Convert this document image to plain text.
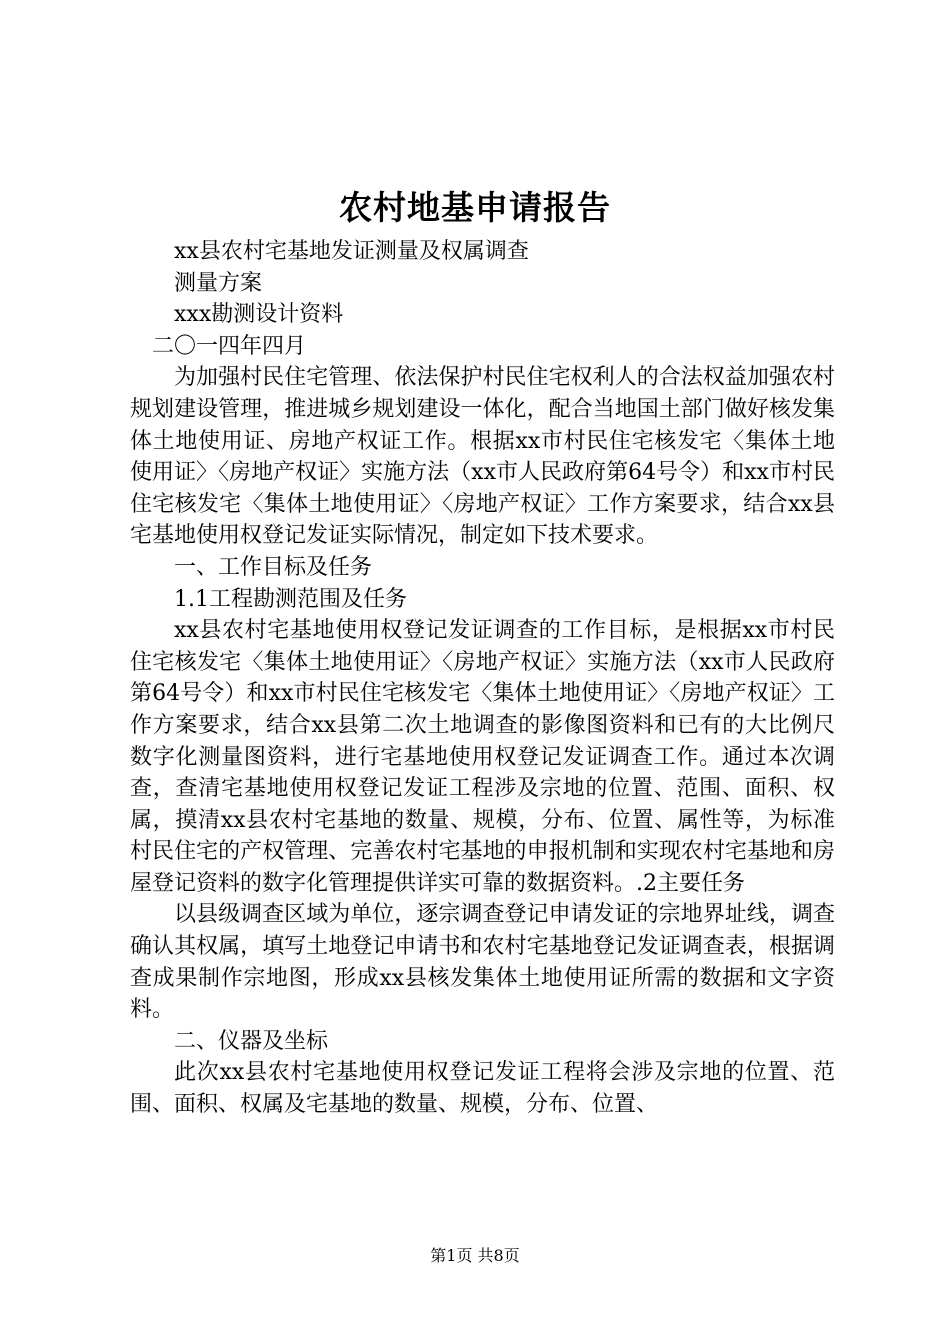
农村地基申请报告

xx县农村宅基地发证测量及权属调查

测量方案

xxx勘测设计资料

二〇一四年四月

为加强村民住宅管理、依法保护村民住宅权利人的合法权益加强农村规划建设管理，推进城乡规划建设一体化，配合当地国土部门做好核发集体土地使用证、房地产权证工作。根据xx市村民住宅核发宅〈集体土地使用证〉〈房地产权证〉实施方法（xx市人民政府第64号令）和xx市村民住宅核发宅〈集体土地使用证〉〈房地产权证〉工作方案要求，结合xx县宅基地使用权登记发证实际情况，制定如下技术要求。

一、工作目标及任务

1.1工程勘测范围及任务

xx县农村宅基地使用权登记发证调查的工作目标，是根据xx市村民住宅核发宅〈集体土地使用证〉〈房地产权证〉实施方法（xx市人民政府第64号令）和xx市村民住宅核发宅〈集体土地使用证〉〈房地产权证〉工作方案要求，结合xx县第二次土地调查的影像图资料和已有的大比例尺数字化测量图资料，进行宅基地使用权登记发证调查工作。通过本次调查，查清宅基地使用权登记发证工程涉及宗地的位置、范围、面积、权属，摸清xx县农村宅基地的数量、规模，分布、位置、属性等，为标准村民住宅的产权管理、完善农村宅基地的申报机制和实现农村宅基地和房屋登记资料的数字化管理提供详实可靠的数据资料。.2主要任务

以县级调查区域为单位，逐宗调查登记申请发证的宗地界址线，调查确认其权属，填写土地登记申请书和农村宅基地登记发证调查表，根据调查成果制作宗地图，形成xx县核发集体土地使用证所需的数据和文字资料。

二、仪器及坐标

此次xx县农村宅基地使用权登记发证工程将会涉及宗地的位置、范围、面积、权属及宅基地的数量、规模，分布、位置、

第1页 共8页
